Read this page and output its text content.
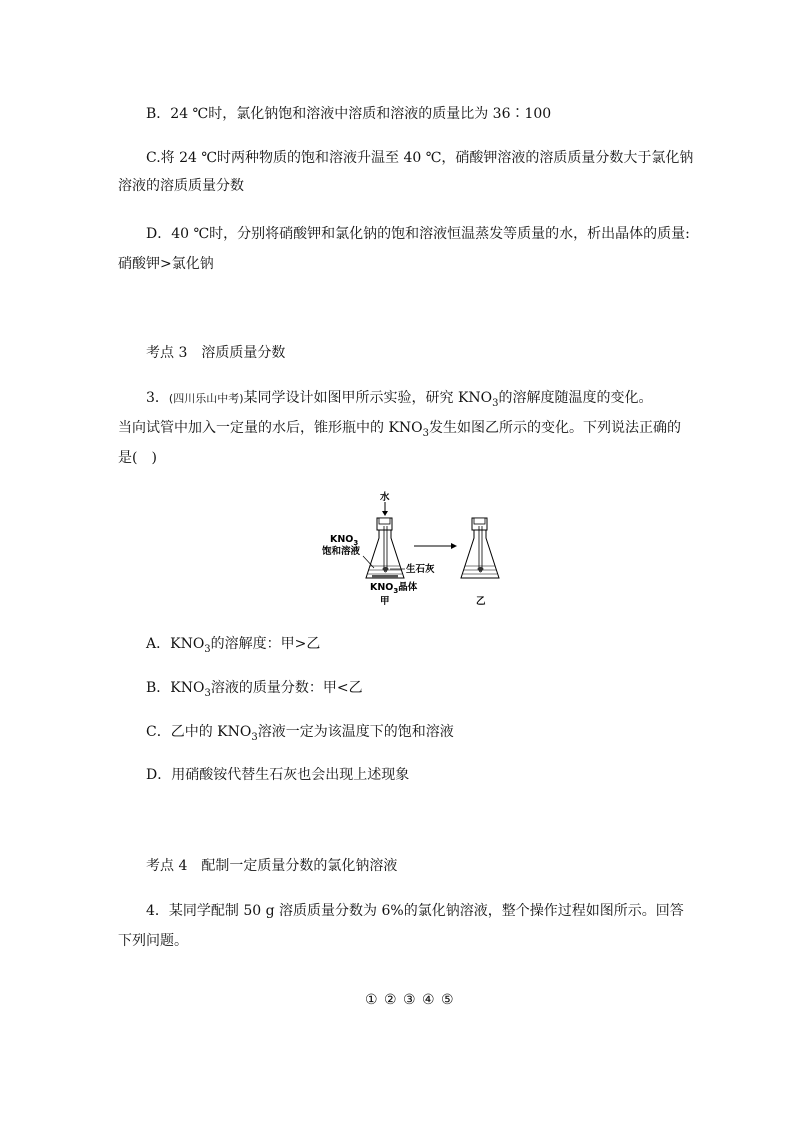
B．24 ℃时，氯化钠饱和溶液中溶质和溶液的质量比为 36∶100
C.将 24 ℃时两种物质的饱和溶液升温至 40 ℃，硝酸钾溶液的溶质质量分数大于氯化钠
溶液的溶质质量分数
D．40 ℃时，分别将硝酸钾和氯化钠的饱和溶液恒温蒸发等质量的水，析出晶体的质量:
硝酸钾>氯化钠
考点 3　溶质质量分数
3．(四川乐山中考)某同学设计如图甲所示实验，研究 $KNO_3$的溶解度随温度的变化。
当向试管中加入一定量的水后，锥形瓶中的 $KNO_3$发生如图乙所示的变化。下列说法正确的
是(　)
水
$KNO_3$
饱和溶液
生石灰
$KNO_3$晶体
甲	乙
A．$KNO_3$的溶解度：甲>乙
B．$KNO_3$溶液的质量分数：甲<乙
C．乙中的 $KNO_3$溶液一定为该温度下的饱和溶液
D．用硝酸铵代替生石灰也会出现上述现象
考点 4　配制一定质量分数的氯化钠溶液
4．某同学配制 50 g 溶质质量分数为 6%的氯化钠溶液，整个操作过程如图所示。回答
下列问题。
① ② ③ ④ ⑤
